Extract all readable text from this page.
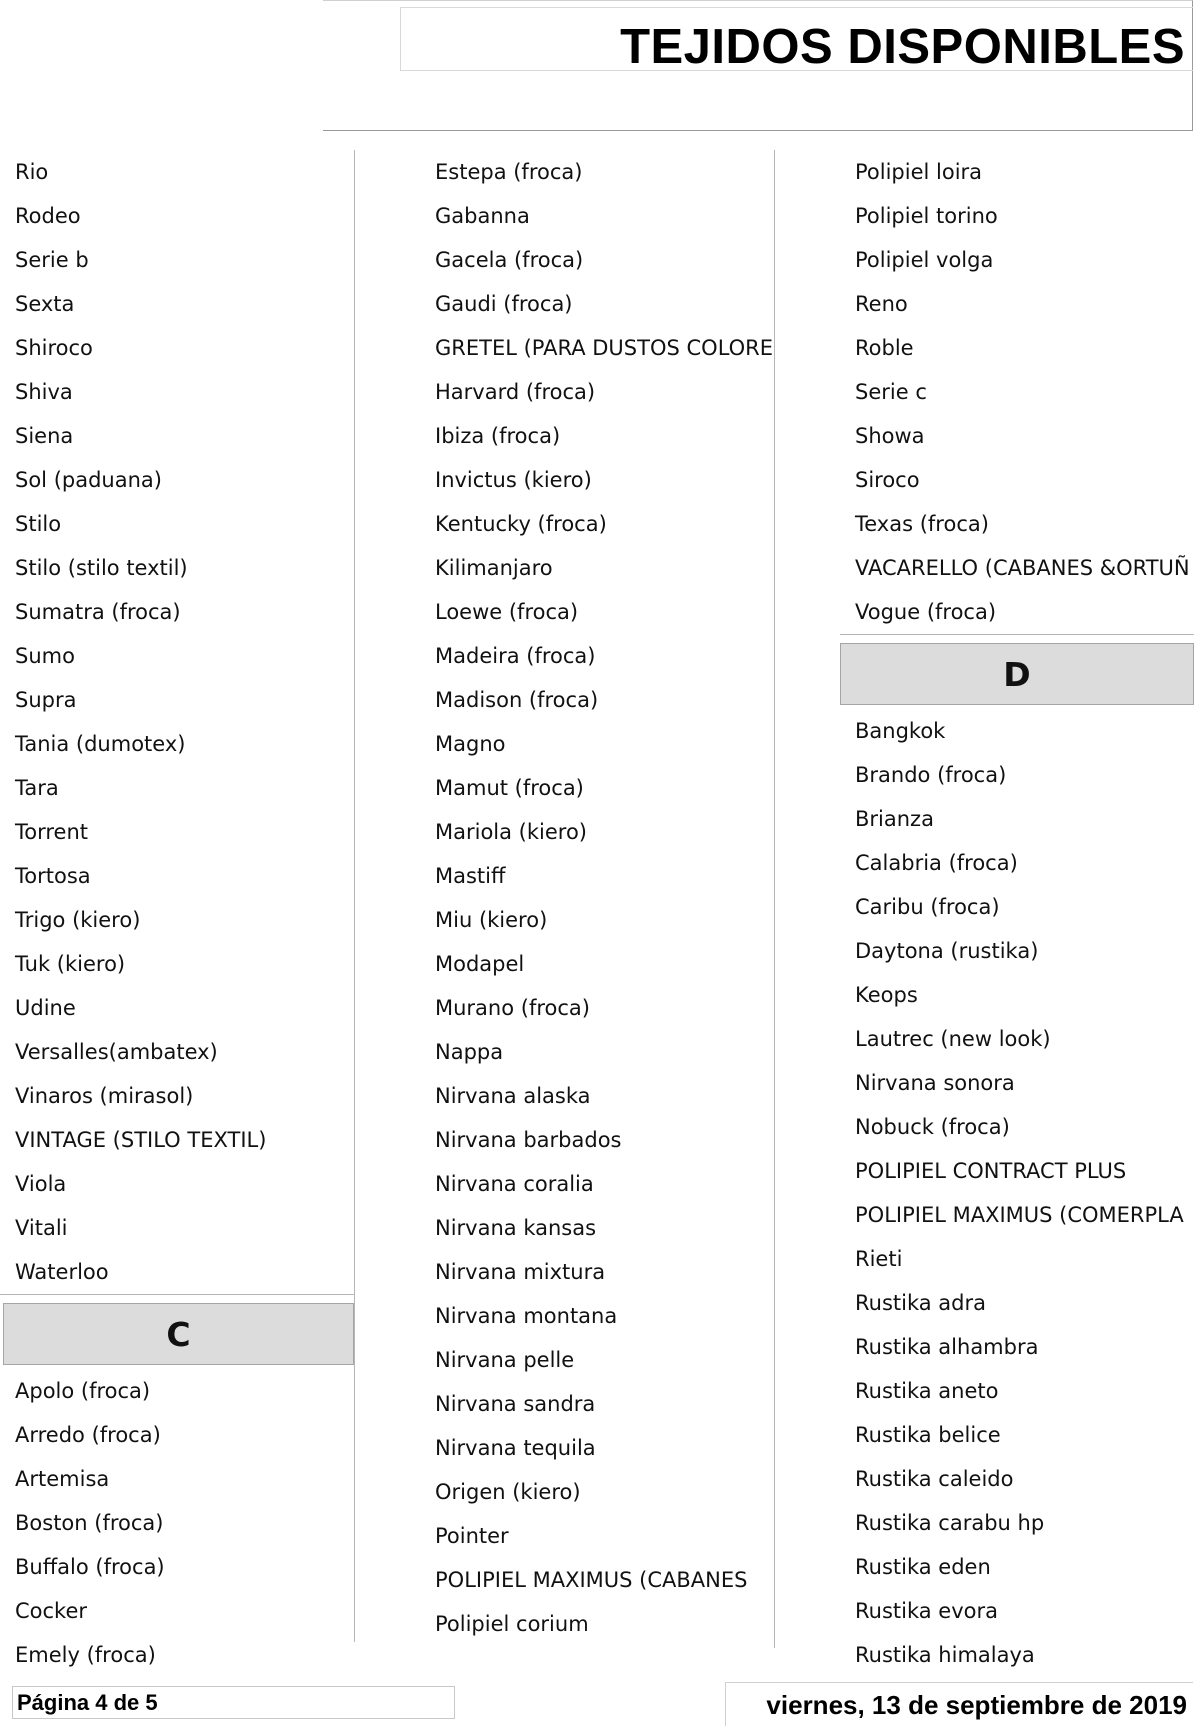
TEJIDOS DISPONIBLES
Rio
Rodeo
Serie b
Sexta
Shiroco
Shiva
Siena
Sol (paduana)
Stilo
Stilo (stilo textil)
Sumatra (froca)
Sumo
Supra
Tania (dumotex)
Tara
Torrent
Tortosa
Trigo (kiero)
Tuk (kiero)
Udine
Versalles(ambatex)
Vinaros (mirasol)
VINTAGE (STILO TEXTIL)
Viola
Vitali
Waterloo
C
Apolo (froca)
Arredo (froca)
Artemisa
Boston (froca)
Buffalo (froca)
Cocker
Emely (froca)
Estepa (froca)
Gabanna
Gacela (froca)
Gaudi (froca)
GRETEL (PARA DUSTOS COLORE
Harvard (froca)
Ibiza (froca)
Invictus (kiero)
Kentucky (froca)
Kilimanjaro
Loewe (froca)
Madeira (froca)
Madison (froca)
Magno
Mamut (froca)
Mariola (kiero)
Mastiff
Miu (kiero)
Modapel
Murano (froca)
Nappa
Nirvana alaska
Nirvana barbados
Nirvana coralia
Nirvana kansas
Nirvana mixtura
Nirvana montana
Nirvana pelle
Nirvana sandra
Nirvana tequila
Origen (kiero)
Pointer
POLIPIEL MAXIMUS (CABANES
Polipiel corium
Polipiel loira
Polipiel torino
Polipiel volga
Reno
Roble
Serie c
Showa
Siroco
Texas (froca)
VACARELLO (CABANES &ORTUÑ
Vogue (froca)
D
Bangkok
Brando (froca)
Brianza
Calabria (froca)
Caribu (froca)
Daytona (rustika)
Keops
Lautrec (new look)
Nirvana sonora
Nobuck (froca)
POLIPIEL CONTRACT PLUS
POLIPIEL MAXIMUS (COMERPLA
Rieti
Rustika adra
Rustika alhambra
Rustika aneto
Rustika belice
Rustika caleido
Rustika carabu hp
Rustika eden
Rustika evora
Rustika himalaya
Página 4 de 5	viernes, 13 de septiembre de 2019
